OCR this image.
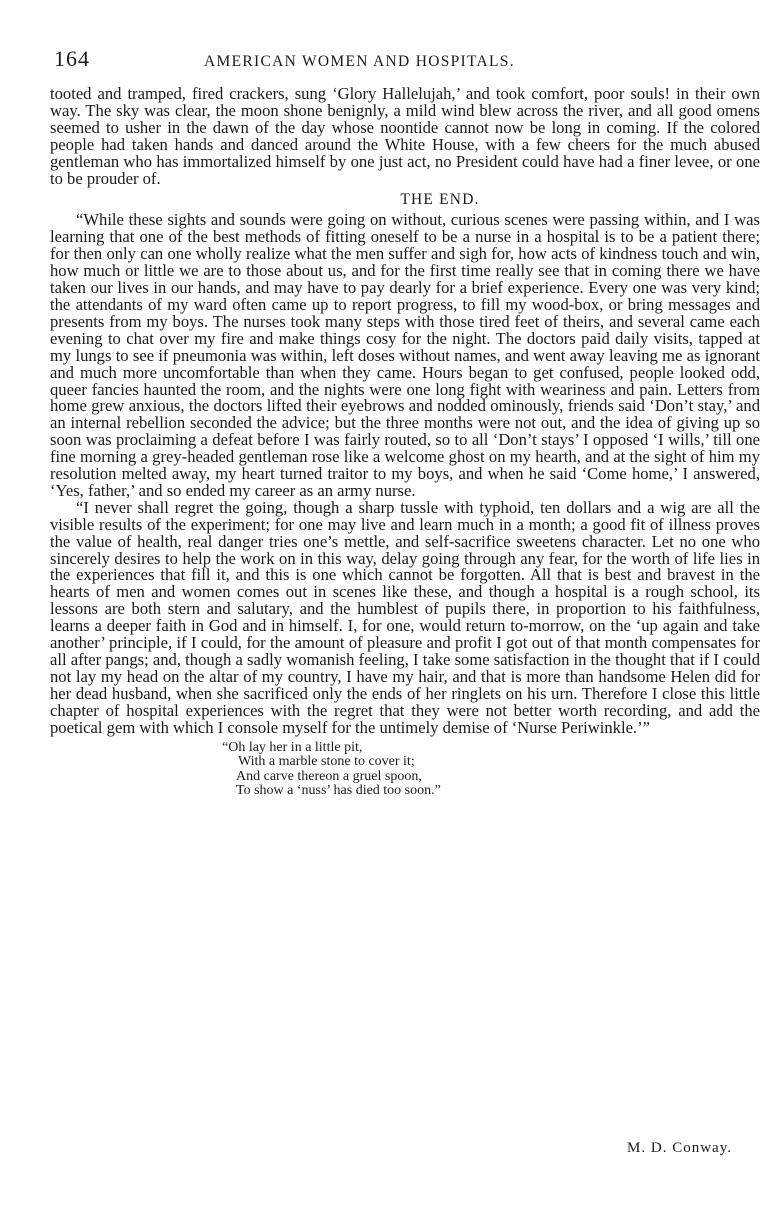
164	AMERICAN WOMEN AND HOSPITALS.

tooted and tramped, fired crackers, sung ‘Glory Hallelujah,’ and took comfort, poor souls! in their own way. The sky was clear, the moon shone benignly, a mild wind blew across the river, and all good omens seemed to usher in the dawn of the day whose noontide cannot now be long in coming. If the colored people had taken hands and danced around the White House, with a few cheers for the much abused gentleman who has immortalized himself by one just act, no President could have had a finer levee, or one to be prouder of.

THE END.

“While these sights and sounds were going on without, curious scenes were passing within, and I was learning that one of the best methods of fitting oneself to be a nurse in a hospital is to be a patient there; for then only can one wholly realize what the men suffer and sigh for, how acts of kindness touch and win, how much or little we are to those about us, and for the first time really see that in coming there we have taken our lives in our hands, and may have to pay dearly for a brief experience. Every one was very kind; the attendants of my ward often came up to report progress, to fill my wood-box, or bring messages and presents from my boys. The nurses took many steps with those tired feet of theirs, and several came each evening to chat over my fire and make things cosy for the night. The doctors paid daily visits, tapped at my lungs to see if pneumonia was within, left doses without names, and went away leaving me as ignorant and much more uncomfortable than when they came. Hours began to get confused, people looked odd, queer fancies haunted the room, and the nights were one long fight with weariness and pain. Letters from home grew anxious, the doctors lifted their eyebrows and nodded ominously, friends said ‘Don’t stay,’ and an internal rebellion seconded the advice; but the three months were not out, and the idea of giving up so soon was proclaiming a defeat before I was fairly routed, so to all ‘Don’t stays’ I opposed ‘I wills,’ till one fine morning a grey-headed gentleman rose like a welcome ghost on my hearth, and at the sight of him my resolution melted away, my heart turned traitor to my boys, and when he said ‘Come home,’ I answered, ‘Yes, father,’ and so ended my career as an army nurse.

“I never shall regret the going, though a sharp tussle with typhoid, ten dollars and a wig are all the visible results of the experiment; for one may live and learn much in a month; a good fit of illness proves the value of health, real danger tries one’s mettle, and self-sacrifice sweetens character. Let no one who sincerely desires to help the work on in this way, delay going through any fear, for the worth of life lies in the experiences that fill it, and this is one which cannot be forgotten. All that is best and bravest in the hearts of men and women comes out in scenes like these, and though a hospital is a rough school, its lessons are both stern and salutary, and the humblest of pupils there, in proportion to his faithfulness, learns a deeper faith in God and in himself. I, for one, would return to-morrow, on the ‘up again and take another’ principle, if I could, for the amount of pleasure and profit I got out of that month compensates for all after pangs; and, though a sadly womanish feeling, I take some satisfaction in the thought that if I could not lay my head on the altar of my country, I have my hair, and that is more than handsome Helen did for her dead husband, when she sacrificed only the ends of her ringlets on his urn. Therefore I close this little chapter of hospital experiences with the regret that they were not better worth recording, and add the poetical gem with which I console myself for the untimely demise of ‘Nurse Periwinkle.’”

“Oh lay her in a little pit,
With a marble stone to cover it;
And carve thereon a gruel spoon,
To show a ‘nuss’ has died too soon.”
M. D. Conway.
